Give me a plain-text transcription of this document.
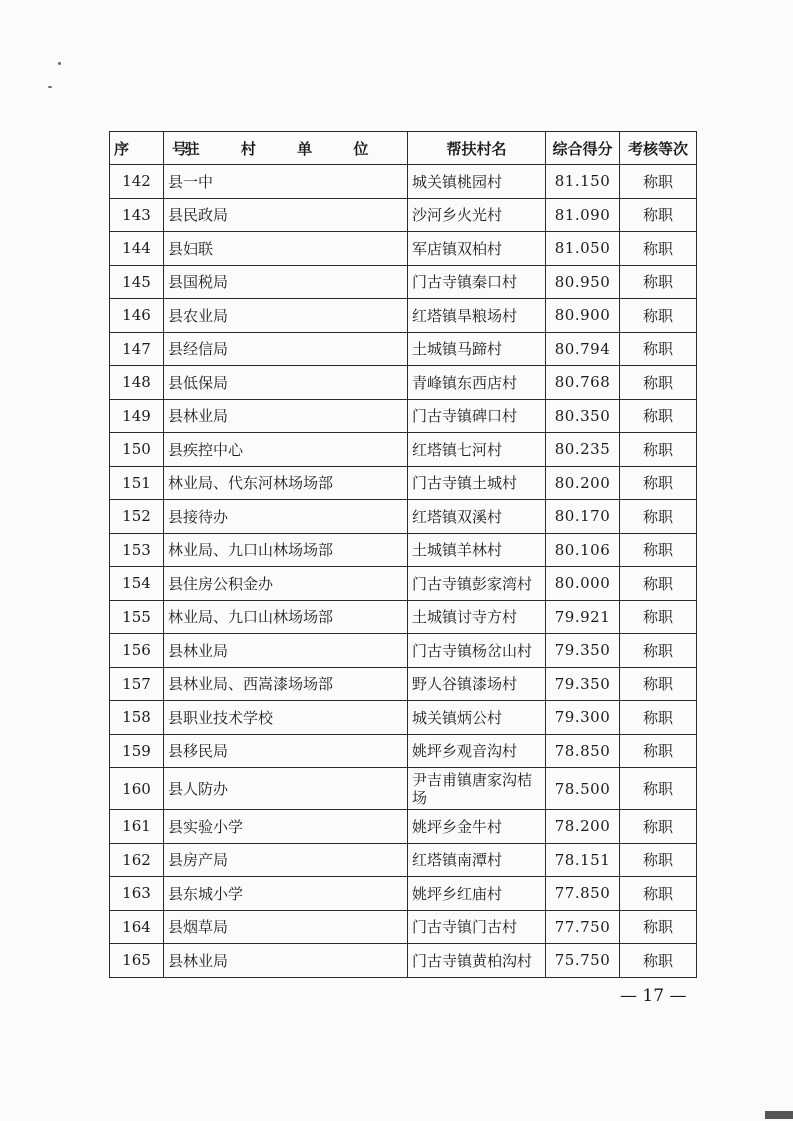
序　号	驻 村 单 位	帮扶村名	综合得分	考核等次
142	县一中	城关镇桃园村	81.150	称职
143	县民政局	沙河乡火光村	81.090	称职
144	县妇联	军店镇双柏村	81.050	称职
145	县国税局	门古寺镇秦口村	80.950	称职
146	县农业局	红塔镇旱粮场村	80.900	称职
147	县经信局	土城镇马蹄村	80.794	称职
148	县低保局	青峰镇东西店村	80.768	称职
149	县林业局	门古寺镇碑口村	80.350	称职
150	县疾控中心	红塔镇七河村	80.235	称职
151	林业局、代东河林场场部	门古寺镇土城村	80.200	称职
152	县接待办	红塔镇双溪村	80.170	称职
153	林业局、九口山林场场部	土城镇羊林村	80.106	称职
154	县住房公积金办	门古寺镇彭家湾村	80.000	称职
155	林业局、九口山林场场部	土城镇讨寺方村	79.921	称职
156	县林业局	门古寺镇杨岔山村	79.350	称职
157	县林业局、西嵩漆场场部	野人谷镇漆场村	79.350	称职
158	县职业技术学校	城关镇炳公村	79.300	称职
159	县移民局	姚坪乡观音沟村	78.850	称职
160	县人防办	尹吉甫镇唐家沟桔场	78.500	称职
161	县实验小学	姚坪乡金牛村	78.200	称职
162	县房产局	红塔镇南潭村	78.151	称职
163	县东城小学	姚坪乡红庙村	77.850	称职
164	县烟草局	门古寺镇门古村	77.750	称职
165	县林业局	门古寺镇黄柏沟村	75.750	称职
— 17 —
